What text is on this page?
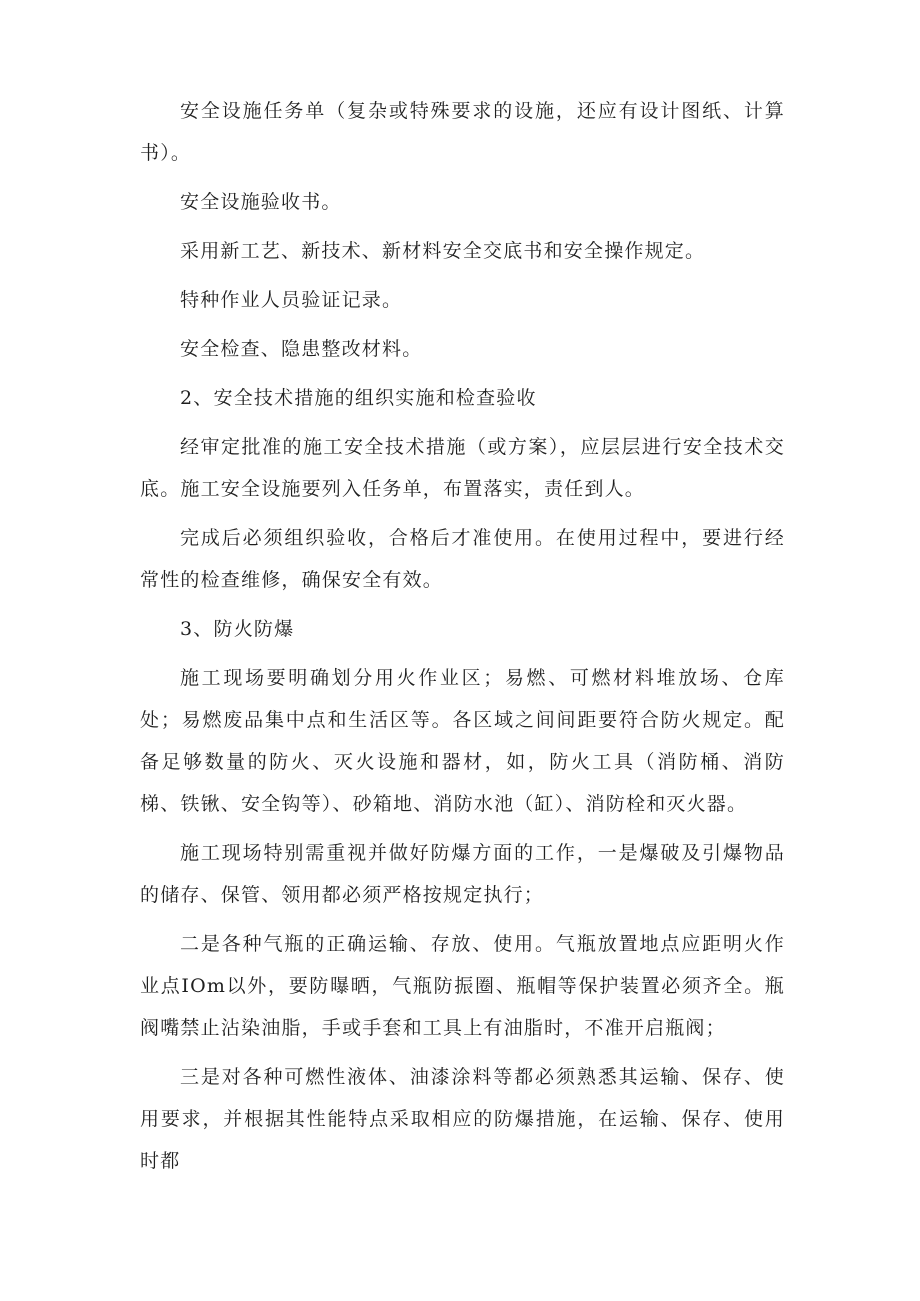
安全设施任务单（复杂或特殊要求的设施，还应有设计图纸、计算书）。

安全设施验收书。

采用新工艺、新技术、新材料安全交底书和安全操作规定。

特种作业人员验证记录。

安全检查、隐患整改材料。

2、安全技术措施的组织实施和检查验收

经审定批准的施工安全技术措施（或方案），应层层进行安全技术交底。施工安全设施要列入任务单，布置落实，责任到人。

完成后必须组织验收，合格后才准使用。在使用过程中，要进行经常性的检查维修，确保安全有效。

3、防火防爆

施工现场要明确划分用火作业区；易燃、可燃材料堆放场、仓库处；易燃废品集中点和生活区等。各区域之间间距要符合防火规定。配备足够数量的防火、灭火设施和器材，如，防火工具（消防桶、消防梯、铁锹、安全钩等）、砂箱地、消防水池（缸）、消防栓和灭火器。

施工现场特别需重视并做好防爆方面的工作，一是爆破及引爆物品的储存、保管、领用都必须严格按规定执行；

二是各种气瓶的正确运输、存放、使用。气瓶放置地点应距明火作业点IOm以外，要防曝晒，气瓶防振圈、瓶帽等保护装置必须齐全。瓶阀嘴禁止沾染油脂，手或手套和工具上有油脂时，不准开启瓶阀；

三是对各种可燃性液体、油漆涂料等都必须熟悉其运输、保存、使用要求，并根据其性能特点采取相应的防爆措施，在运输、保存、使用时都
